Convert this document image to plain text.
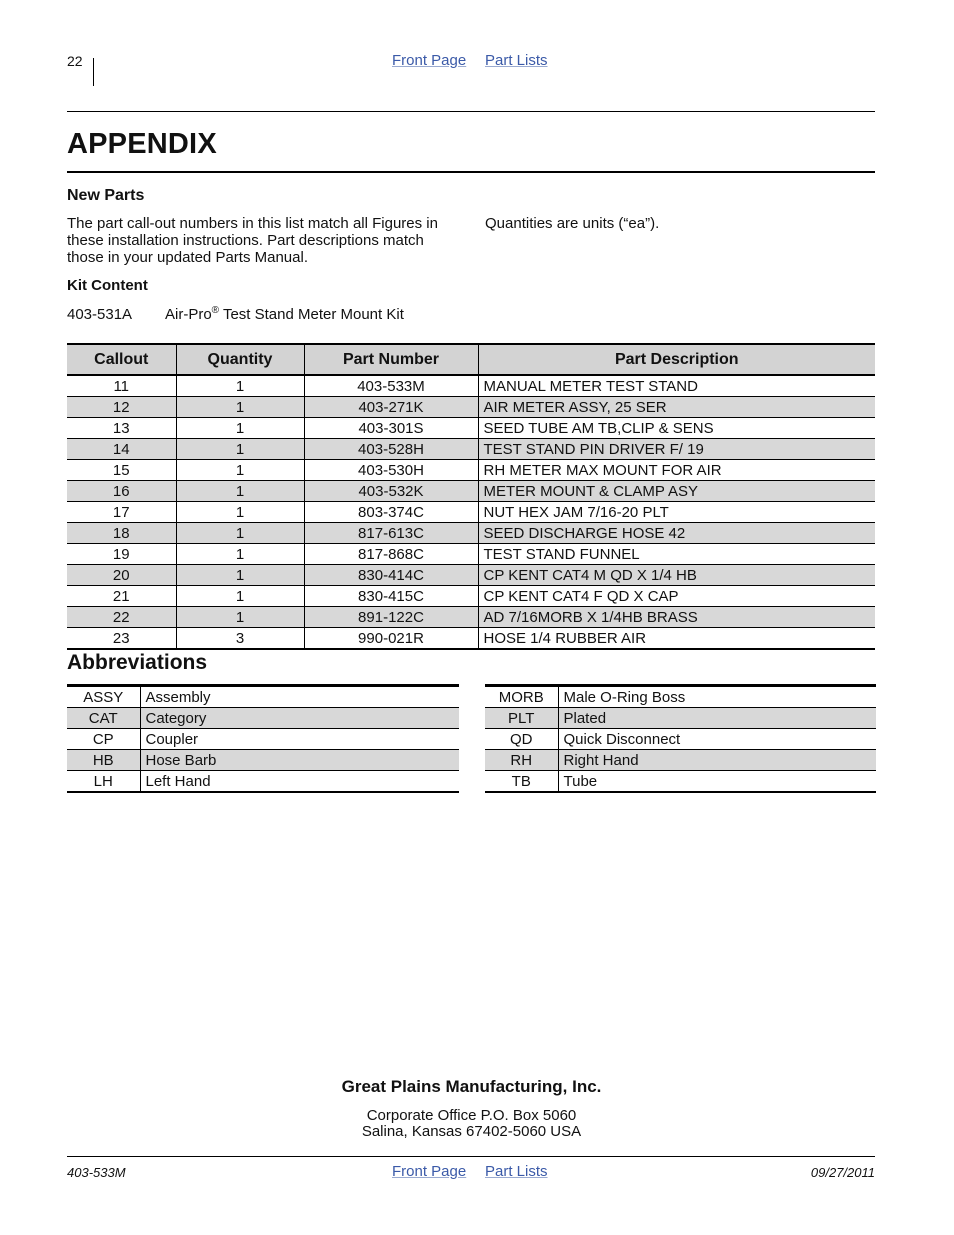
22	Front Page Part Lists
APPENDIX
New Parts
The part call-out numbers in this list match all Figures in these installation instructions. Part descriptions match those in your updated Parts Manual.
Quantities are units (“ea”).
Kit Content
403-531A Air-Pro® Test Stand Meter Mount Kit
Callout	Quantity	Part Number	Part Description
11	1	403-533M	MANUAL METER TEST STAND
12	1	403-271K	AIR METER ASSY, 25 SER
13	1	403-301S	SEED TUBE AM TB,CLIP & SENS
14	1	403-528H	TEST STAND PIN DRIVER F/ 19
15	1	403-530H	RH METER MAX MOUNT FOR AIR
16	1	403-532K	METER MOUNT & CLAMP ASY
17	1	803-374C	NUT HEX JAM 7/16-20 PLT
18	1	817-613C	SEED DISCHARGE HOSE 42
19	1	817-868C	TEST STAND FUNNEL
20	1	830-414C	CP KENT CAT4 M QD X 1/4 HB
21	1	830-415C	CP KENT CAT4 F QD X CAP
22	1	891-122C	AD 7/16MORB X 1/4HB BRASS
23	3	990-021R	HOSE 1/4 RUBBER AIR
Abbreviations
ASSY	Assembly
CAT	Category
CP	Coupler
HB	Hose Barb
LH	Left Hand
MORB	Male O-Ring Boss
PLT	Plated
QD	Quick Disconnect
RH	Right Hand
TB	Tube
Great Plains Manufacturing, Inc.
Corporate Office P.O. Box 5060
Salina, Kansas 67402-5060 USA
403-533M	Front Page Part Lists	09/27/2011
